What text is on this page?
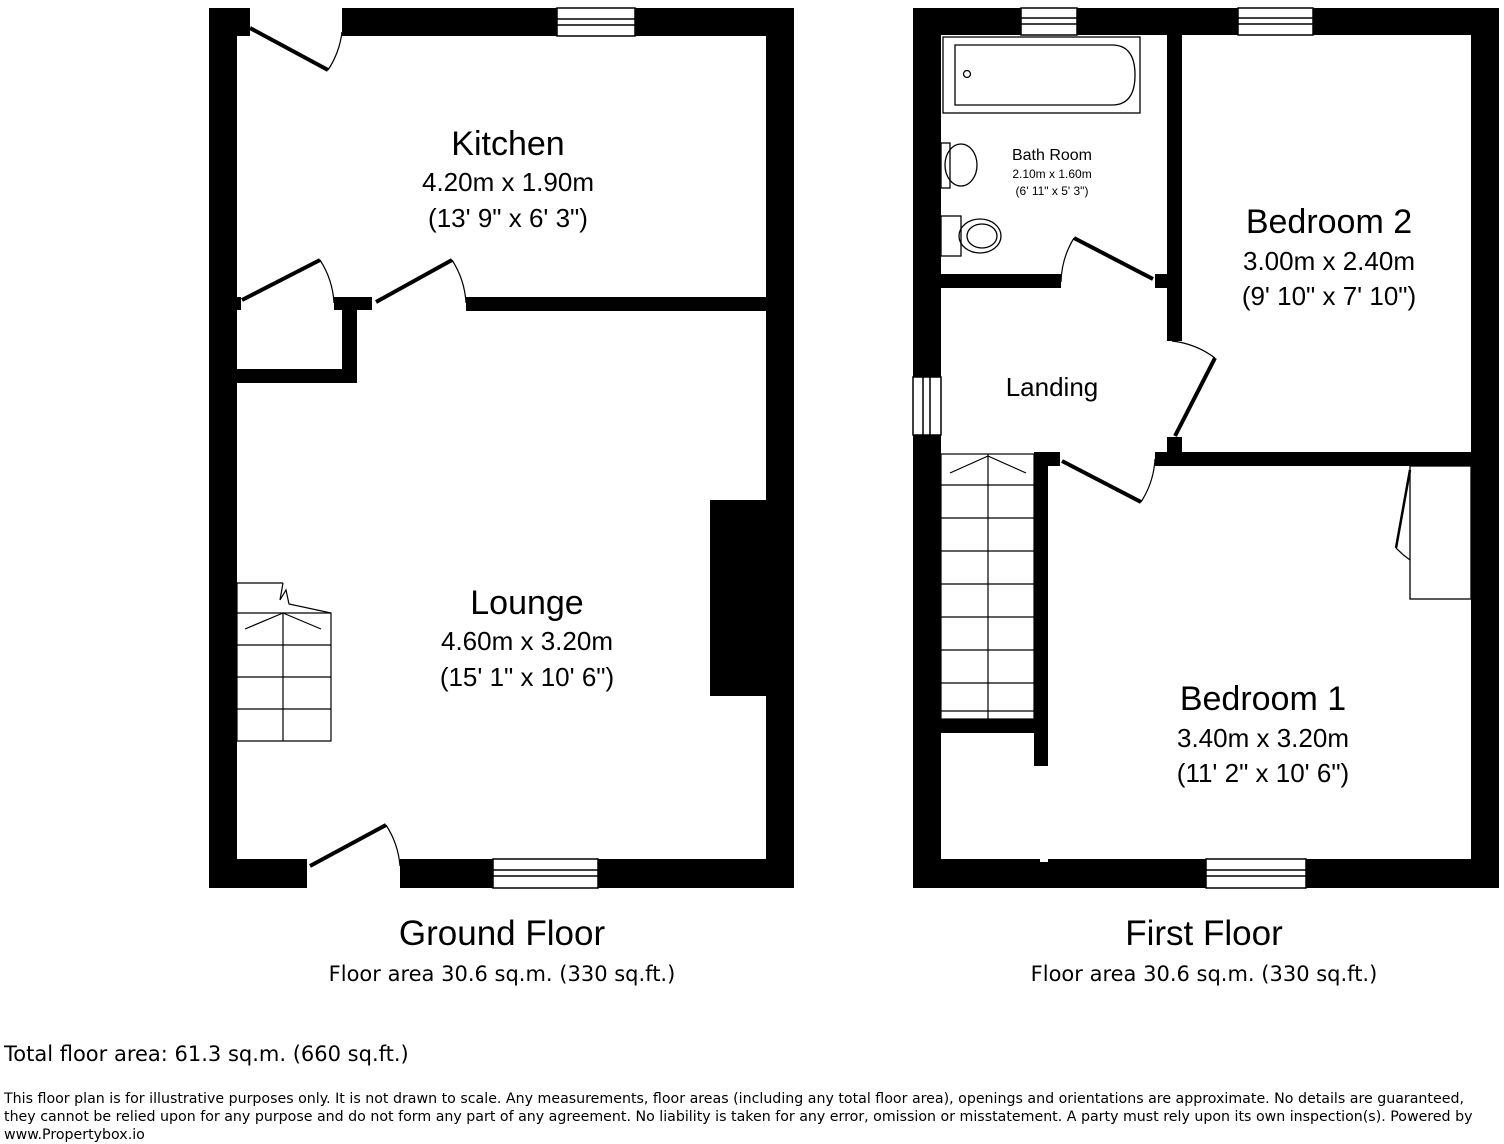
Kitchen
4.20m x 1.90m
(13' 9" x 6' 3")
Lounge
4.60m x 3.20m
(15' 1" x 10' 6")
Bath Room
2.10m x 1.60m
(6' 11" x 5' 3")
Landing
Bedroom 2
3.00m x 2.40m
(9' 10" x 7' 10")
Bedroom 1
3.40m x 3.20m
(11' 2" x 10' 6")
Ground Floor
Floor area 30.6 sq.m. (330 sq.ft.)
First Floor
Floor area 30.6 sq.m. (330 sq.ft.)
Total floor area: 61.3 sq.m. (660 sq.ft.)
This floor plan is for illustrative purposes only. It is not drawn to scale. Any measurements, floor areas (including any total floor area), openings and orientations are approximate. No details are guaranteed, they cannot be relied upon for any purpose and do not form any part of any agreement. No liability is taken for any error, omission or misstatement. A party must rely upon its own inspection(s). Powered by www.Propertybox.io
